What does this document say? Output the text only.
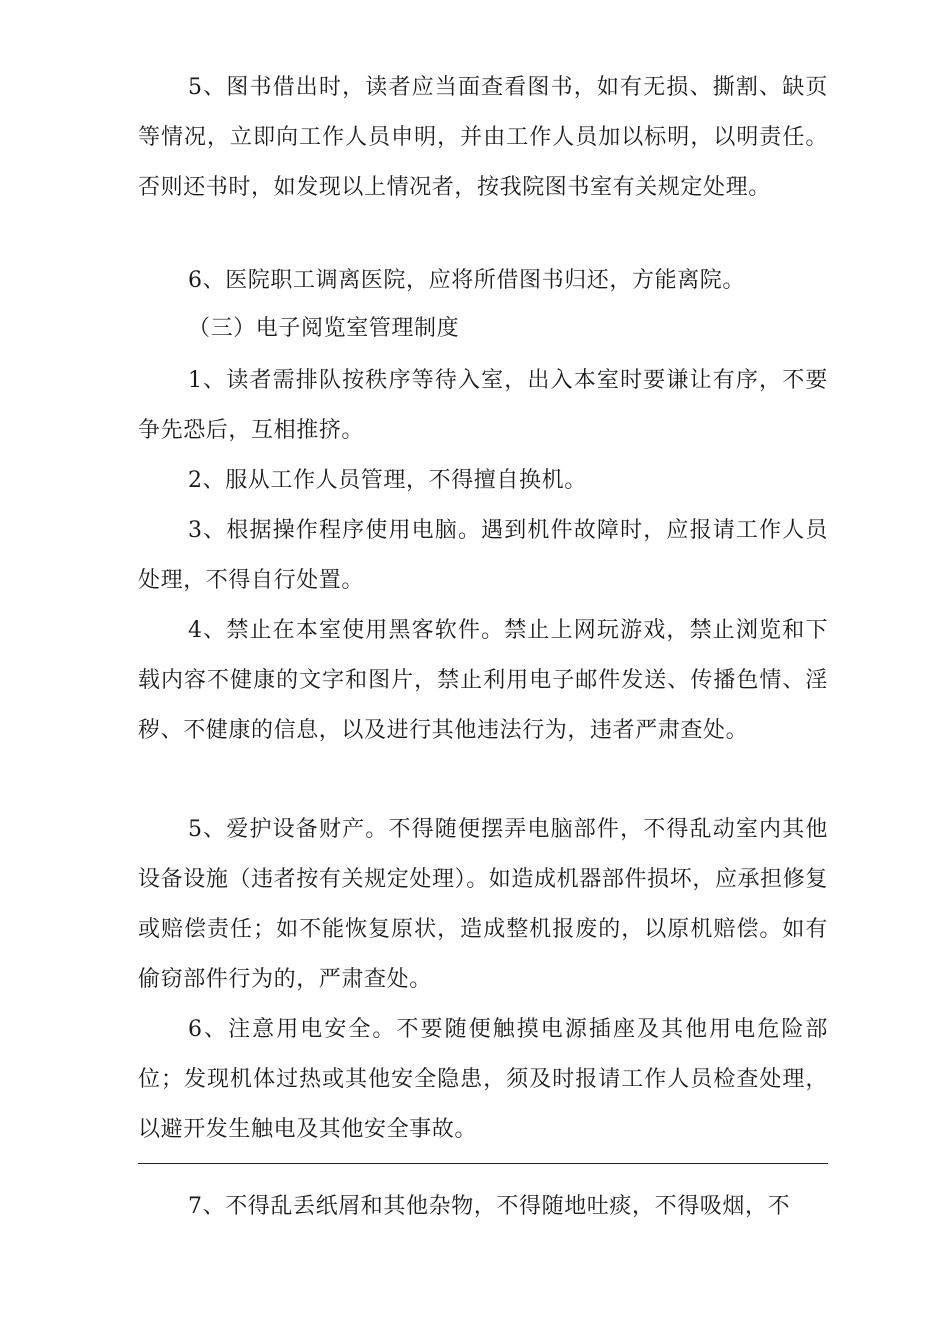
5、图书借出时，读者应当面查看图书，如有无损、撕割、缺页等情况，立即向工作人员申明，并由工作人员加以标明，以明责任。否则还书时，如发现以上情况者，按我院图书室有关规定处理。

6、医院职工调离医院，应将所借图书归还，方能离院。

（三）电子阅览室管理制度

1、读者需排队按秩序等待入室，出入本室时要谦让有序，不要争先恐后，互相推挤。

2、服从工作人员管理，不得擅自换机。

3、根据操作程序使用电脑。遇到机件故障时，应报请工作人员处理，不得自行处置。

4、禁止在本室使用黑客软件。禁止上网玩游戏，禁止浏览和下载内容不健康的文字和图片，禁止利用电子邮件发送、传播色情、淫秽、不健康的信息，以及进行其他违法行为，违者严肃查处。

5、爱护设备财产。不得随便摆弄电脑部件，不得乱动室内其他设备设施（违者按有关规定处理）。如造成机器部件损坏，应承担修复或赔偿责任；如不能恢复原状，造成整机报废的，以原机赔偿。如有偷窃部件行为的，严肃查处。

6、注意用电安全。不要随便触摸电源插座及其他用电危险部位；发现机体过热或其他安全隐患，须及时报请工作人员检查处理，以避开发生触电及其他安全事故。

7、不得乱丢纸屑和其他杂物，不得随地吐痰，不得吸烟，不
